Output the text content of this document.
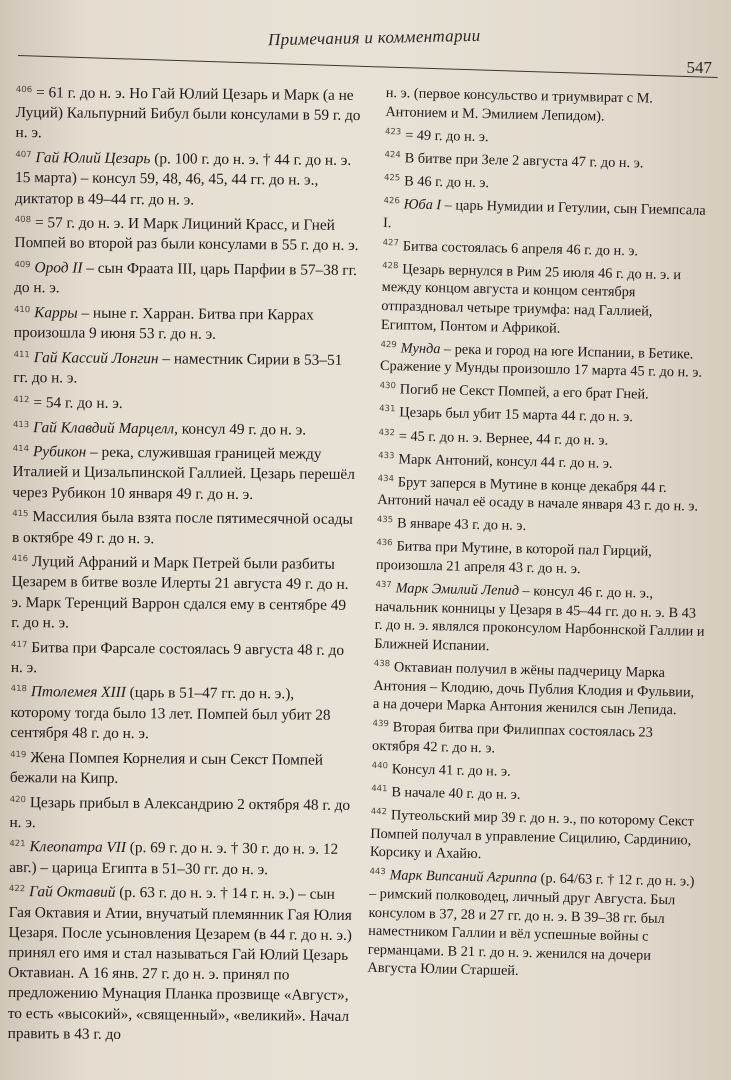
Примечания и комментарии
547

$^{406}$ = 61 г. до н. э. Но Гай Юлий Цезарь и Марк (а не Луций) Кальпурний Бибул были консулами в 59 г. до н. э.

$^{407}$ Гай Юлий Цезарь (р. 100 г. до н. э. † 44 г. до н. э. 15 марта) – консул 59, 48, 46, 45, 44 гг. до н. э., диктатор в 49–44 гг. до н. э.

$^{408}$ = 57 г. до н. э. И Марк Лициний Красс, и Гней Помпей во второй раз были консулами в 55 г. до н. э.

$^{409}$ Ород II – сын Фраата III, царь Парфии в 57–38 гг. до н. э.

$^{410}$ Карры – ныне г. Харран. Битва при Каррах произошла 9 июня 53 г. до н. э.

$^{411}$ Гай Кассий Лонгин – наместник Сирии в 53–51 гг. до н. э.

$^{412}$ = 54 г. до н. э.

$^{413}$ Гай Клавдий Марцелл, консул 49 г. до н. э.

$^{414}$ Рубикон – река, служившая границей между Италией и Цизальпинской Галлией. Цезарь перешёл через Рубикон 10 января 49 г. до н. э.

$^{415}$ Массилия была взята после пятимесячной осады в октябре 49 г. до н. э.

$^{416}$ Луций Афраний и Марк Петрей были разбиты Цезарем в битве возле Илерты 21 августа 49 г. до н. э. Марк Теренций Варрон сдался ему в сентябре 49 г. до н. э.

$^{417}$ Битва при Фарсале состоялась 9 августа 48 г. до н. э.

$^{418}$ Птолемея XIII (царь в 51–47 гг. до н. э.), которому тогда было 13 лет. Помпей был убит 28 сентября 48 г. до н. э.

$^{419}$ Жена Помпея Корнелия и сын Секст Помпей бежали на Кипр.

$^{420}$ Цезарь прибыл в Александрию 2 октября 48 г. до н. э.

$^{421}$ Клеопатра VII (р. 69 г. до н. э. † 30 г. до н. э. 12 авг.) – царица Египта в 51–30 гг. до н. э.

$^{422}$ Гай Октавий (р. 63 г. до н. э. † 14 г. н. э.) – сын Гая Октавия и Атии, внучатый племянник Гая Юлия Цезаря. После усыновления Цезарем (в 44 г. до н. э.) принял его имя и стал называться Гай Юлий Цезарь Октавиан. А 16 янв. 27 г. до н. э. принял по предложению Мунация Планка прозвище «Август», то есть «высокий», «священный», «великий». Начал править в 43 г. до

н. э. (первое консульство и триумвират с М. Антонием и М. Эмилием Лепидом).

$^{423}$ = 49 г. до н. э.

$^{424}$ В битве при Зеле 2 августа 47 г. до н. э.

$^{425}$ В 46 г. до н. э.

$^{426}$ Юба I – царь Нумидии и Гетулии, сын Гиемпсала I.

$^{427}$ Битва состоялась 6 апреля 46 г. до н. э.

$^{428}$ Цезарь вернулся в Рим 25 июля 46 г. до н. э. и между концом августа и концом сентября отпраздновал четыре триумфа: над Галлией, Египтом, Понтом и Африкой.

$^{429}$ Мунда – река и город на юге Испании, в Бетике. Сражение у Мунды произошло 17 марта 45 г. до н. э.

$^{430}$ Погиб не Секст Помпей, а его брат Гней.

$^{431}$ Цезарь был убит 15 марта 44 г. до н. э.

$^{432}$ = 45 г. до н. э. Вернее, 44 г. до н. э.

$^{433}$ Марк Антоний, консул 44 г. до н. э.

$^{434}$ Брут заперся в Мутине в конце декабря 44 г. Антоний начал её осаду в начале января 43 г. до н. э.

$^{435}$ В январе 43 г. до н. э.

$^{436}$ Битва при Мутине, в которой пал Гирций, произошла 21 апреля 43 г. до н. э.

$^{437}$ Марк Эмилий Лепид – консул 46 г. до н. э., начальник конницы у Цезаря в 45–44 гг. до н. э. В 43 г. до н. э. являлся проконсулом Нарбоннской Галлии и Ближней Испании.

$^{438}$ Октавиан получил в жёны падчерицу Марка Антония – Клодию, дочь Публия Клодия и Фульвии, а на дочери Марка Антония женился сын Лепида.

$^{439}$ Вторая битва при Филиппах состоялась 23 октября 42 г. до н. э.

$^{440}$ Консул 41 г. до н. э.

$^{441}$ В начале 40 г. до н. э.

$^{442}$ Путеольский мир 39 г. до н. э., по которому Секст Помпей получал в управление Сицилию, Сардинию, Корсику и Ахайю.

$^{443}$ Марк Випсаний Агриппа (р. 64/63 г. † 12 г. до н. э.) – римский полководец, личный друг Августа. Был консулом в 37, 28 и 27 гг. до н. э. В 39–38 гг. был наместником Галлии и вёл успешные войны с германцами. В 21 г. до н. э. женился на дочери Августа Юлии Старшей.
